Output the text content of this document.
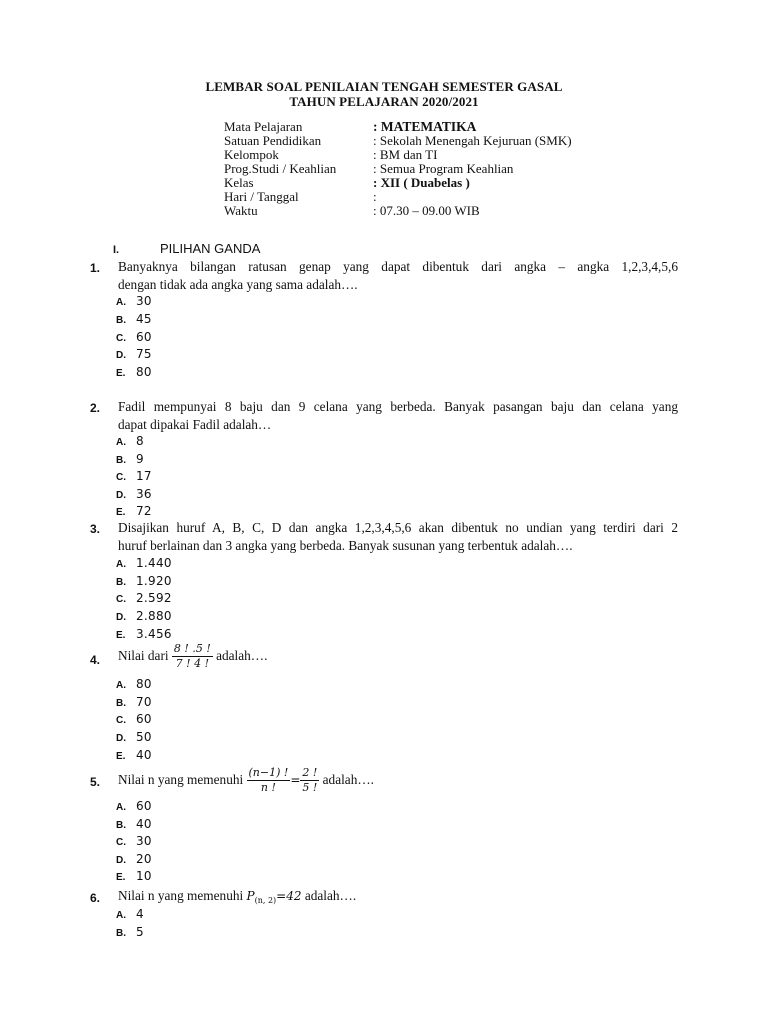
LEMBAR SOAL PENILAIAN TENGAH SEMESTER GASAL
TAHUN PELAJARAN 2020/2021
Mata Pelajaran	: MATEMATIKA
Satuan Pendidikan	: Sekolah Menengah Kejuruan (SMK)
Kelompok	: BM dan TI
Prog.Studi / Keahlian	: Semua Program Keahlian
Kelas	: XII ( Duabelas )
Hari / Tanggal	:
Waktu	: 07.30 – 09.00 WIB
I.	PILIHAN GANDA
1. Banyaknya bilangan ratusan genap yang dapat dibentuk dari angka – angka 1,2,3,4,5,6
dengan tidak ada angka yang sama adalah….
A. 30
B. 45
C. 60
D. 75
E. 80
2. Fadil mempunyai 8 baju dan 9 celana yang berbeda. Banyak pasangan baju dan celana yang
dapat dipakai Fadil adalah…
A. 8
B. 9
C. 17
D. 36
E. 72
3. Disajikan huruf A, B, C, D dan angka 1,2,3,4,5,6 akan dibentuk no undian yang terdiri dari 2
huruf berlainan dan 3 angka yang berbeda. Banyak susunan yang terbentuk adalah….
A. 1.440
B. 1.920
C. 2.592
D. 2.880
E. 3.456
4. Nilai dari $\frac{8 ! .5 !}{7 ! 4 !}$ adalah….
A. 80
B. 70
C. 60
D. 50
E. 40
5. Nilai n yang memenuhi $\frac{(n-1) !}{n !} = \frac{2 !}{5 !}$ adalah….
A. 60
B. 40
C. 30
D. 20
E. 10
6. Nilai n yang memenuhi $P_{(n, 2)}=42$ adalah….
A. 4
B. 5
